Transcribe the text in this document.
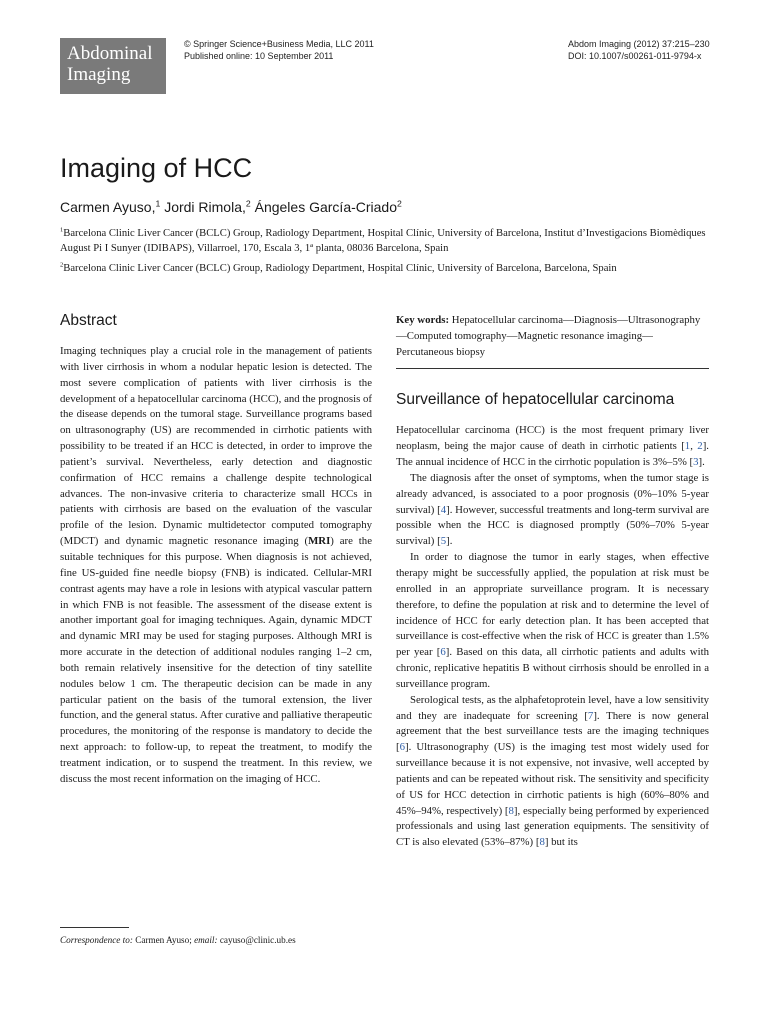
Abdominal
Imaging
© Springer Science+Business Media, LLC 2011
Published online: 10 September 2011
Abdom Imaging (2012) 37:215–230
DOI: 10.1007/s00261-011-9794-x
Imaging of HCC
Carmen Ayuso,$^1$ Jordi Rimola,$^2$ Ángeles García-Criado$^2$
$^1$Barcelona Clinic Liver Cancer (BCLC) Group, Radiology Department, Hospital Clínic, University of Barcelona, Institut d’Investigacions Biomèdiques August Pi I Sunyer (IDIBAPS), Villarroel, 170, Escala 3, 1ª planta, 08036 Barcelona, Spain
$^2$Barcelona Clinic Liver Cancer (BCLC) Group, Radiology Department, Hospital Clínic, University of Barcelona, Barcelona, Spain
Abstract

Imaging techniques play a crucial role in the management of patients with liver cirrhosis in whom a nodular hepatic lesion is detected. The most severe complication of patients with liver cirrhosis is the development of a hepatocellular carcinoma (HCC), and the prognosis of the disease depends on the tumoral stage. Surveillance programs based on ultrasonography (US) are recommended in cirrhotic patients with possibility to be treated if an HCC is detected, in order to improve the patient’s survival. Nevertheless, early detection and diagnostic confirmation of HCC remains a challenge despite technological advances. The non-invasive criteria to characterize small HCCs in patients with cirrhosis are based on the evaluation of the vascular profile of the lesion. Dynamic multidetector computed tomography (MDCT) and dynamic magnetic resonance imaging (MRI) are the suitable techniques for this purpose. When diagnosis is not achieved, fine US-guided fine needle biopsy (FNB) is indicated. Cellular-MRI contrast agents may have a role in lesions with atypical vascular pattern in which FNB is not feasible. The assessment of the disease extent is another important goal for imaging techniques. Again, dynamic MDCT and dynamic MRI may be used for staging purposes. Although MRI is more accurate in the detection of additional nodules ranging 1–2 cm, both remain relatively insensitive for the detection of tiny satellite nodules below 1 cm. The therapeutic decision can be made in any particular patient on the basis of the tumoral extension, the liver function, and the general status. After curative and palliative therapeutic procedures, the monitoring of the response is mandatory to decide the next approach: to follow-up, to repeat the treatment, to modify the treatment indication, or to suspend the treatment. In this review, we discuss the most recent information on the imaging of HCC.

Key words: Hepatocellular carcinoma—Diagnosis—Ultrasonography—Computed tomography—Magnetic resonance imaging—Percutaneous biopsy
Surveillance of hepatocellular carcinoma

Hepatocellular carcinoma (HCC) is the most frequent primary liver neoplasm, being the major cause of death in cirrhotic patients [1, 2]. The annual incidence of HCC in the cirrhotic population is 3%–5% [3].

The diagnosis after the onset of symptoms, when the tumor stage is already advanced, is associated to a poor prognosis (0%–10% 5-year survival) [4]. However, successful treatments and long-term survival are possible when the HCC is diagnosed promptly (50%–70% 5-year survival) [5].

In order to diagnose the tumor in early stages, when effective therapy might be successfully applied, the population at risk must be enrolled in an appropriate surveillance program. It is necessary therefore, to define the population at risk and to determine the level of incidence of HCC for early detection plan. It has been accepted that surveillance is cost-effective when the risk of HCC is greater than 1.5% per year [6]. Based on this data, all cirrhotic patients and adults with chronic, replicative hepatitis B without cirrhosis should be enrolled in a surveillance program.

Serological tests, as the alphafetoprotein level, have a low sensitivity and they are inadequate for screening [7]. There is now general agreement that the best surveillance tests are the imaging techniques [6]. Ultrasonography (US) is the imaging test most widely used for surveillance because it is not expensive, not invasive, well accepted by patients and can be repeated without risk. The sensitivity and specificity of US for HCC detection in cirrhotic patients is high (60%–80% and 45%–94%, respectively) [8], especially being performed by experienced professionals and using last generation equipments. The sensitivity of CT is also elevated (53%–87%) [8] but its

Correspondence to: Carmen Ayuso; email: cayuso@clinic.ub.es
